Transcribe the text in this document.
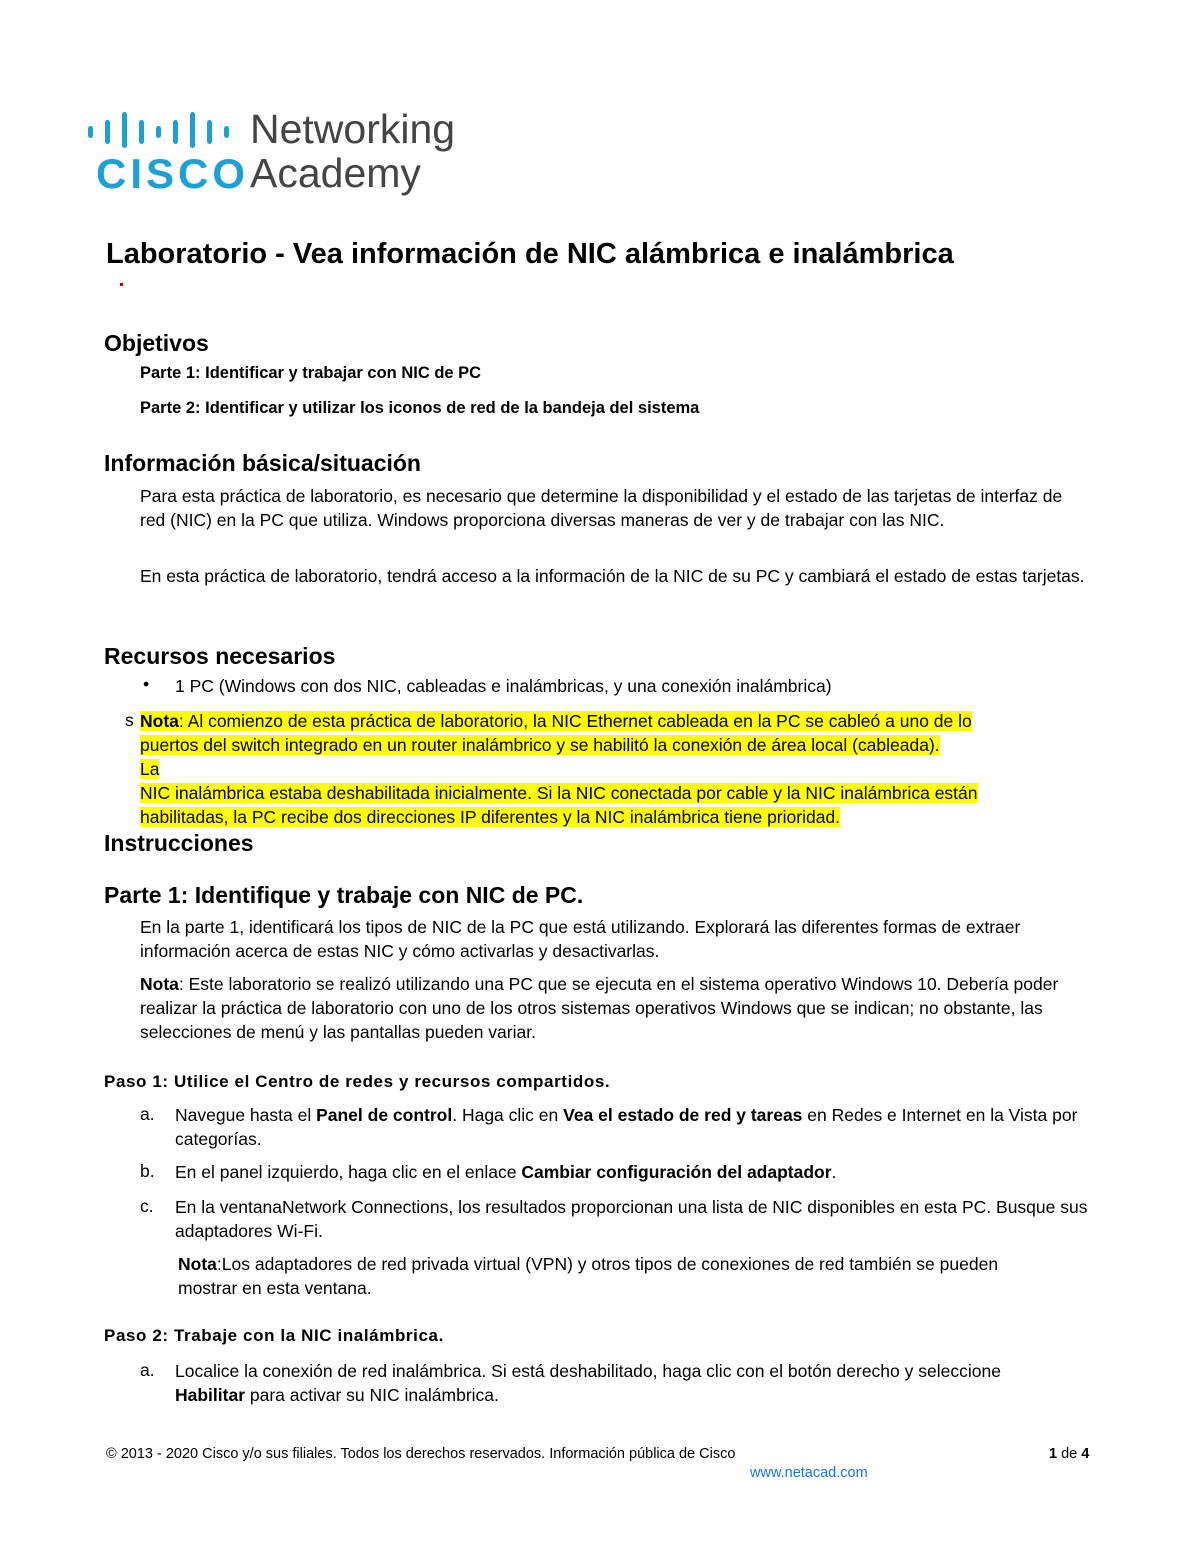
CISCO
Networking
Academy
Laboratorio - Vea información de NIC alámbrica e inalámbrica
Objetivos
Parte 1: Identificar y trabajar con NIC de PC
Parte 2: Identificar y utilizar los iconos de red de la bandeja del sistema
Información básica/situación

Para esta práctica de laboratorio, es necesario que determine la disponibilidad y el estado de las tarjetas de interfaz de red (NIC) en la PC que utiliza. Windows proporciona diversas maneras de ver y de trabajar con las NIC.

En esta práctica de laboratorio, tendrá acceso a la información de la NIC de su PC y cambiará el estado de estas tarjetas.

Recursos necesarios
• 1 PC (Windows con dos NIC, cableadas e inalámbricas, y una conexión inalámbrica)

s Nota: Al comienzo de esta práctica de laboratorio, la NIC Ethernet cableada en la PC se cableó a uno de lo
puertos del switch integrado en un router inalámbrico y se habilitó la conexión de área local (cableada).
La
NIC inalámbrica estaba deshabilitada inicialmente. Si la NIC conectada por cable y la NIC inalámbrica están
habilitadas, la PC recibe dos direcciones IP diferentes y la NIC inalámbrica tiene prioridad.
Instrucciones
Parte 1: Identifique y trabaje con NIC de PC.

En la parte 1, identificará los tipos de NIC de la PC que está utilizando. Explorará las diferentes formas de extraer información acerca de estas NIC y cómo activarlas y desactivarlas.

Nota: Este laboratorio se realizó utilizando una PC que se ejecuta en el sistema operativo Windows 10. Debería poder realizar la práctica de laboratorio con uno de los otros sistemas operativos Windows que se indican; no obstante, las selecciones de menú y las pantallas pueden variar.

Paso 1: Utilice el Centro de redes y recursos compartidos.
a. Navegue hasta el Panel de control. Haga clic en Vea el estado de red y tareas en Redes e Internet en la Vista por categorías.

b. En el panel izquierdo, haga clic en el enlace Cambiar configuración del adaptador.

c. En la ventanaNetwork Connections, los resultados proporcionan una lista de NIC disponibles en esta PC. Busque sus adaptadores Wi-Fi.

Nota:Los adaptadores de red privada virtual (VPN) y otros tipos de conexiones de red también se pueden mostrar en esta ventana.

Paso 2: Trabaje con la NIC inalámbrica.
a. Localice la conexión de red inalámbrica. Si está deshabilitado, haga clic con el botón derecho y seleccione Habilitar para activar su NIC inalámbrica.

© 2013 - 2020 Cisco y/o sus filiales. Todos los derechos reservados. Información pública de Cisco	1 de 4
www.netacad.com
